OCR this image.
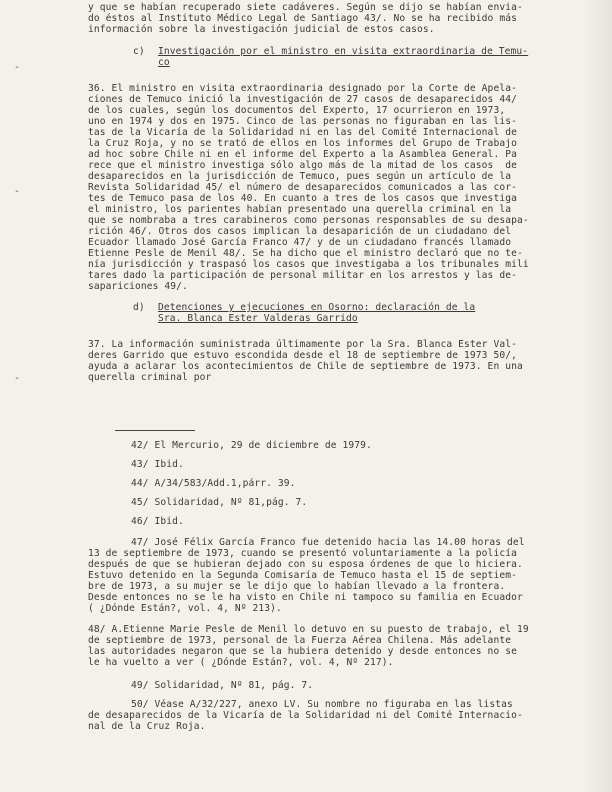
-
-
-
y que se habían recuperado siete cadáveres. Según se dijo se habían envia-
do éstos al Instituto Médico Legal de Santiago 43/. No se ha recibido más
información sobre la investigación judicial de estos casos.
c) Investigación por el ministro en visita extraordinaria de Temu-
co
36. El ministro en visita extraordinaria designado por la Corte de Apela-
ciones de Temuco inició la investigación de 27 casos de desaparecidos 44/
de los cuales, según los documentos del Experto, 17 ocurrieron en 1973,
uno en 1974 y dos en 1975. Cinco de las personas no figuraban en las lis-
tas de la Vicaría de la Solidaridad ni en las del Comité Internacional de
la Cruz Roja, y no se trató de ellos en los informes del Grupo de Trabajo
ad hoc sobre Chile ni en el informe del Experto a la Asamblea General. Pa
rece que el ministro investiga sólo algo más de la mitad de los casos  de
desaparecidos en la jurisdicción de Temuco, pues según un artículo de la
Revista Solidaridad 45/ el número de desaparecidos comunicados a las cor-
tes de Temuco pasa de los 40. En cuanto a tres de los casos que investiga
el ministro, los parientes habían presentado una querella criminal en la
que se nombraba a tres carabineros como personas responsables de su desapa-
rición 46/. Otros dos casos implican la desaparición de un ciudadano del
Ecuador llamado José García Franco 47/ y de un ciudadano francés llamado
Etienne Pesle de Menil 48/. Se ha dicho que el ministro declaró que no te-
nía jurisdicción y traspasó los casos que investigaba a los tribunales mili
tares dado la participación de personal militar en los arrestos y las de-
sapariciones 49/.
d) Detenciones y ejecuciones en Osorno: declaración de la
Sra. Blanca Ester Valderas Garrido
37. La información suministrada últimamente por la Sra. Blanca Ester Val-
deres Garrido que estuvo escondida desde el 18 de septiembre de 1973 50/,
ayuda a aclarar los acontecimientos de Chile de septiembre de 1973. En una
querella criminal por
42/ El Mercurio, 29 de diciembre de 1979.
43/ Ibid.
44/ A/34/583/Add.1,párr. 39.
45/ Solidaridad, Nº 81,pág. 7.
46/ Ibid.
47/ José Félix García Franco fue detenido hacia las 14.00 horas del
13 de septiembre de 1973, cuando se presentó voluntariamente a la policía
después de que se hubieran dejado con su esposa órdenes de que lo hiciera.
Estuvo detenido en la Segunda Comisaría de Temuco hasta el 15 de septiem-
bre de 1973, a su mujer se le dijo que lo habían llevado a la frontera.
Desde entonces no se le ha visto en Chile ni tampoco su familia en Ecuador
( ¿Dónde Están?, vol. 4, Nº 213).
48/ A.Etienne Marie Pesle de Menil lo detuvo en su puesto de trabajo, el 19
de septiembre de 1973, personal de la Fuerza Aérea Chilena. Más adelante
las autoridades negaron que se la hubiera detenido y desde entonces no se
le ha vuelto a ver ( ¿Dónde Están?, vol. 4, Nº 217).
49/ Solidaridad, Nº 81, pág. 7.
50/ Véase A/32/227, anexo LV. Su nombre no figuraba en las listas
de desaparecidos de la Vicaría de la Solidaridad ni del Comité Internacio-
nal de la Cruz Roja.
